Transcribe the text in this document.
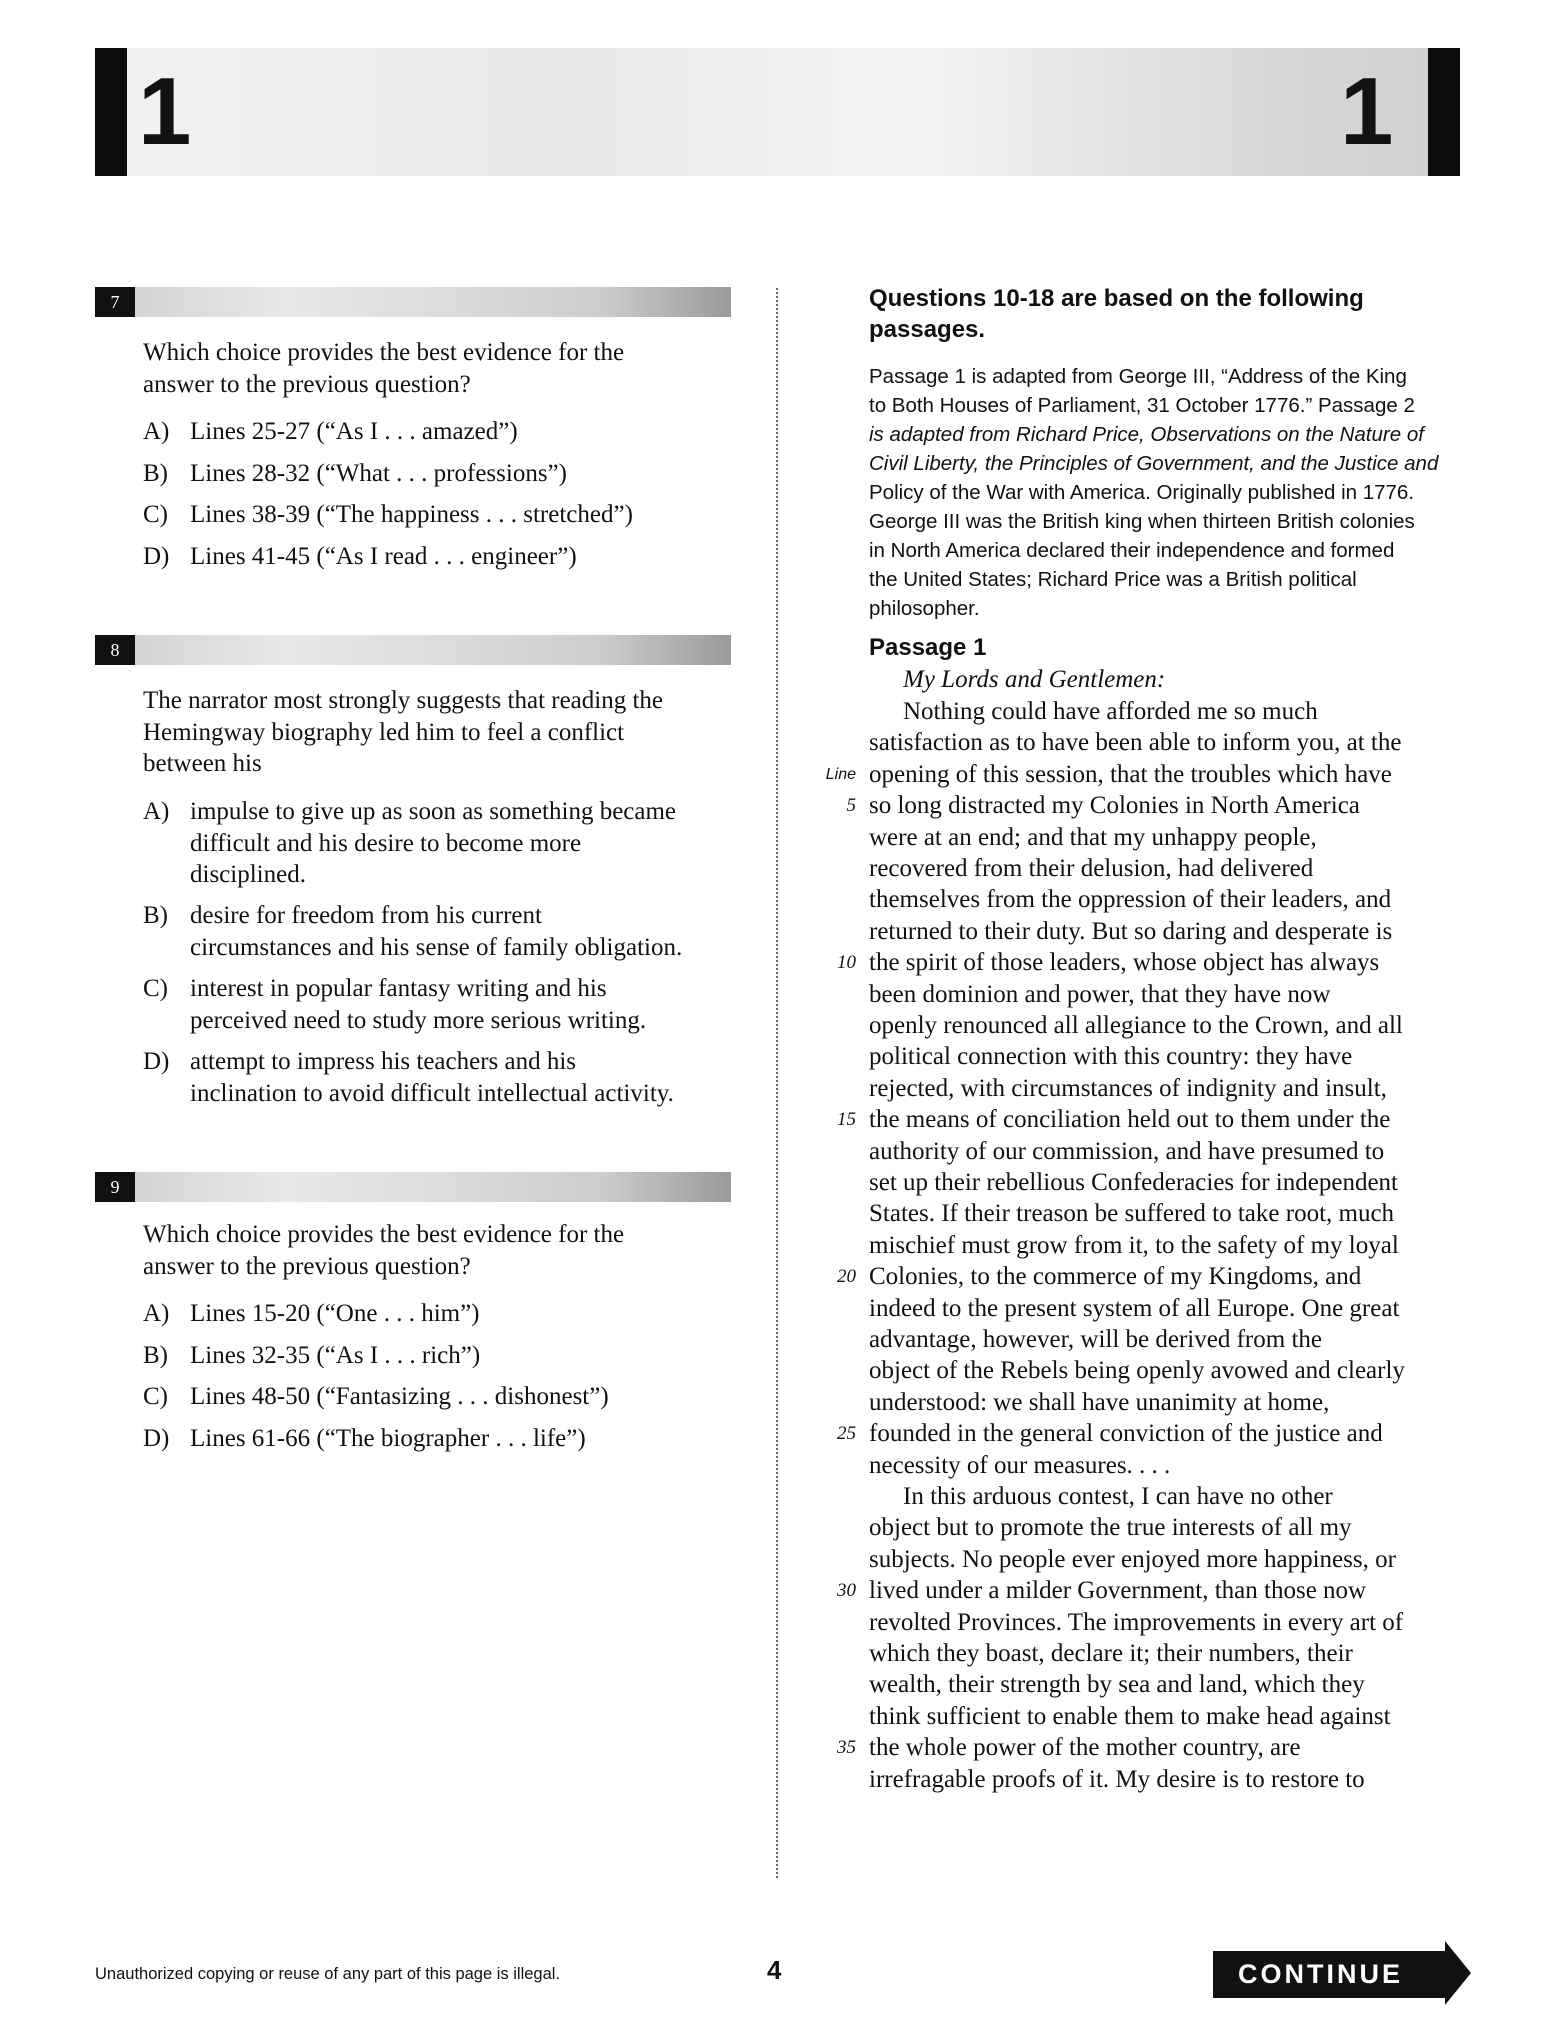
1	1
7
Which choice provides the best evidence for the
answer to the previous question?
A) Lines 25-27 (“As I . . . amazed”)
B) Lines 28-32 (“What . . . professions”)
C) Lines 38-39 (“The happiness . . . stretched”)
D) Lines 41-45 (“As I read . . . engineer”)
8
The narrator most strongly suggests that reading the
Hemingway biography led him to feel a conflict
between his
A) impulse to give up as soon as something became
difficult and his desire to become more
disciplined.
B) desire for freedom from his current
circumstances and his sense of family obligation.
C) interest in popular fantasy writing and his
perceived need to study more serious writing.
D) attempt to impress his teachers and his
inclination to avoid difficult intellectual activity.
9
Which choice provides the best evidence for the
answer to the previous question?
A) Lines 15-20 (“One . . . him”)
B) Lines 32-35 (“As I . . . rich”)
C) Lines 48-50 (“Fantasizing . . . dishonest”)
D) Lines 61-66 (“The biographer . . . life”)
Questions 10-18 are based on the following
passages.
Passage 1 is adapted from George III, “Address of the King
to Both Houses of Parliament, 31 October 1776.” Passage 2
is adapted from Richard Price, Observations on the Nature of
Civil Liberty, the Principles of Government, and the Justice and
Policy of the War with America. Originally published in 1776.
George III was the British king when thirteen British colonies
in North America declared their independence and formed
the United States; Richard Price was a British political
philosopher.
Passage 1
My Lords and Gentlemen:
Nothing could have afforded me so much
satisfaction as to have been able to inform you, at the
opening of this session, that the troubles which have
so long distracted my Colonies in North America
5
were at an end; and that my unhappy people,
recovered from their delusion, had delivered
themselves from the oppression of their leaders, and
returned to their duty. But so daring and desperate is
the spirit of those leaders, whose object has always
10
been dominion and power, that they have now
openly renounced all allegiance to the Crown, and all
political connection with this country: they have
rejected, with circumstances of indignity and insult,
the means of conciliation held out to them under the
15
authority of our commission, and have presumed to
set up their rebellious Confederacies for independent
States. If their treason be suffered to take root, much
mischief must grow from it, to the safety of my loyal
Colonies, to the commerce of my Kingdoms, and
20
indeed to the present system of all Europe. One great
advantage, however, will be derived from the
object of the Rebels being openly avowed and clearly
understood: we shall have unanimity at home,
founded in the general conviction of the justice and
25
necessity of our measures. . . .
In this arduous contest, I can have no other
object but to promote the true interests of all my
subjects. No people ever enjoyed more happiness, or
lived under a milder Government, than those now
30
revolted Provinces. The improvements in every art of
which they boast, declare it; their numbers, their
wealth, their strength by sea and land, which they
think sufficient to enable them to make head against
the whole power of the mother country, are
35
irrefragable proofs of it. My desire is to restore to
Line
Unauthorized copying or reuse of any part of this page is illegal.	4	CONTINUE
